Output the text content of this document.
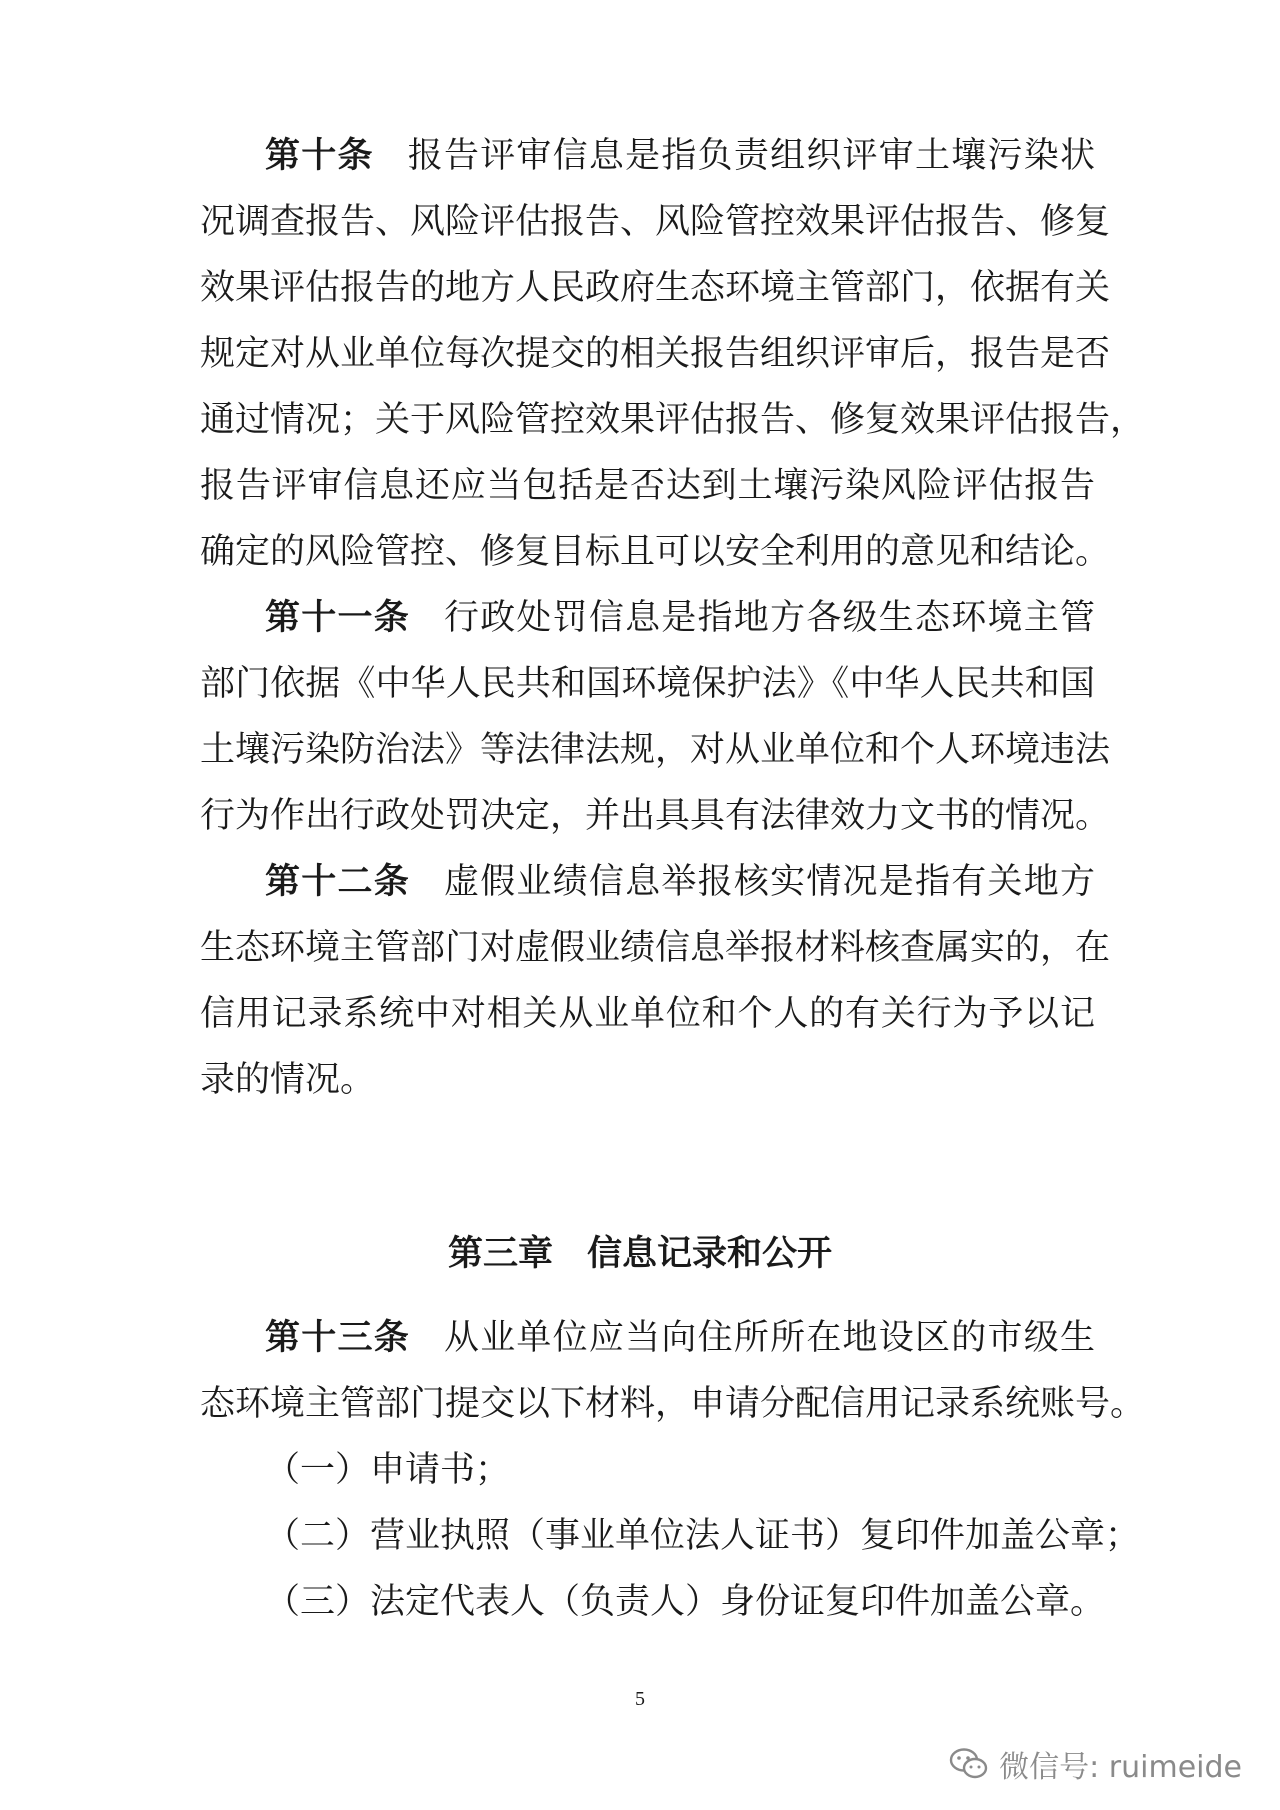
第十条 报告评审信息是指负责组织评审土壤污染状
况调查报告、风险评估报告、风险管控效果评估报告、修复
效果评估报告的地方人民政府生态环境主管部门，依据有关
规定对从业单位每次提交的相关报告组织评审后，报告是否
通过情况；关于风险管控效果评估报告、修复效果评估报告，
报告评审信息还应当包括是否达到土壤污染风险评估报告
确定的风险管控、修复目标且可以安全利用的意见和结论。
第十一条 行政处罚信息是指地方各级生态环境主管
部门依据《中华人民共和国环境保护法》《中华人民共和国
土壤污染防治法》等法律法规，对从业单位和个人环境违法
行为作出行政处罚决定，并出具具有法律效力文书的情况。
第十二条 虚假业绩信息举报核实情况是指有关地方
生态环境主管部门对虚假业绩信息举报材料核查属实的，在
信用记录系统中对相关从业单位和个人的有关行为予以记
录的情况。
第三章 信息记录和公开
第十三条 从业单位应当向住所所在地设区的市级生
态环境主管部门提交以下材料，申请分配信用记录系统账号。
（一）申请书；
（二）营业执照（事业单位法人证书）复印件加盖公章；
（三）法定代表人（负责人）身份证复印件加盖公章。
5
微信号: ruimeide
